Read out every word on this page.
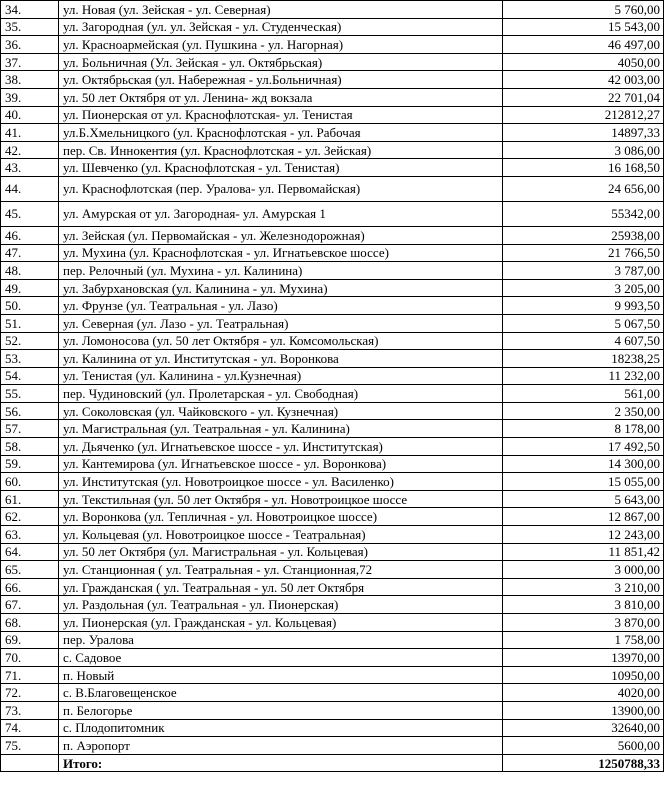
34.	ул. Новая (ул. Зейская - ул. Северная)	5 760,00
35.	ул. Загородная (ул. ул. Зейская - ул. Студенческая)	15 543,00
36.	ул. Красноармейская (ул. Пушкина - ул. Нагорная)	46 497,00
37.	ул. Больничная (Ул. Зейская - ул. Октябрьская)	4050,00
38.	ул. Октябрьская (ул. Набережная - ул.Больничная)	42 003,00
39.	ул. 50 лет Октября от ул. Ленина- жд вокзала	22 701,04
40.	ул. Пионерская от ул. Краснофлотская- ул. Тенистая	212812,27
41.	ул.Б.Хмельницкого (ул. Краснофлотская - ул. Рабочая	14897,33
42.	пер. Св. Иннокентия (ул. Краснофлотская - ул. Зейская)	3 086,00
43.	ул. Шевченко (ул. Краснофлотская - ул. Тенистая)	16 168,50
44.	ул. Краснофлотская (пер. Уралова- ул. Первомайская)	24 656,00
45.	ул. Амурская от ул. Загородная- ул. Амурская 1	55342,00
46.	ул. Зейская (ул. Первомайская - ул. Железнодорожная)	25938,00
47.	ул. Мухина (ул. Краснофлотская - ул. Игнатьевское шоссе)	21 766,50
48.	пер. Релочный (ул. Мухина - ул. Калинина)	3 787,00
49.	ул. Забурхановская (ул. Калинина - ул. Мухина)	3 205,00
50.	ул. Фрунзе (ул. Театральная - ул. Лазо)	9 993,50
51.	ул. Северная (ул. Лазо - ул. Театральная)	5 067,50
52.	ул. Ломоносова (ул. 50 лет Октября - ул. Комсомольская)	4 607,50
53.	ул. Калинина от ул. Институтская - ул. Воронкова	18238,25
54.	ул. Тенистая (ул. Калинина - ул.Кузнечная)	11 232,00
55.	пер. Чудиновский (ул. Пролетарская - ул. Свободная)	561,00
56.	ул. Соколовская (ул. Чайковского - ул. Кузнечная)	2 350,00
57.	ул. Магистральная (ул. Театральная - ул. Калинина)	8 178,00
58.	ул. Дьяченко (ул. Игнатьевское шоссе - ул. Институтская)	17 492,50
59.	ул. Кантемирова (ул. Игнатьевское шоссе - ул. Воронкова)	14 300,00
60.	ул. Институтская (ул. Новотроицкое шоссе - ул. Василенко)	15 055,00
61.	ул. Текстильная (ул. 50 лет Октября - ул. Новотроицкое шоссе	5 643,00
62.	ул. Воронкова (ул. Тепличная - ул. Новотроицкое шоссе)	12 867,00
63.	ул. Кольцевая (ул. Новотроицкое шоссе - Театральная)	12 243,00
64.	ул. 50 лет Октября (ул. Магистральная - ул. Кольцевая)	11 851,42
65.	ул. Станционная ( ул. Театральная - ул. Станционная,72	3 000,00
66.	ул. Гражданская ( ул. Театральная - ул. 50 лет Октября	3 210,00
67.	ул. Раздольная (ул. Театральная - ул. Пионерская)	3 810,00
68.	ул. Пионерская (ул. Гражданская - ул. Кольцевая)	3 870,00
69.	пер. Уралова	1 758,00
70.	с. Садовое	13970,00
71.	п. Новый	10950,00
72.	с. В.Благовещенское	4020,00
73.	п. Белогорье	13900,00
74.	с. Плодопитомник	32640,00
75.	п. Аэропорт	5600,00
	Итого:	1250788,33
